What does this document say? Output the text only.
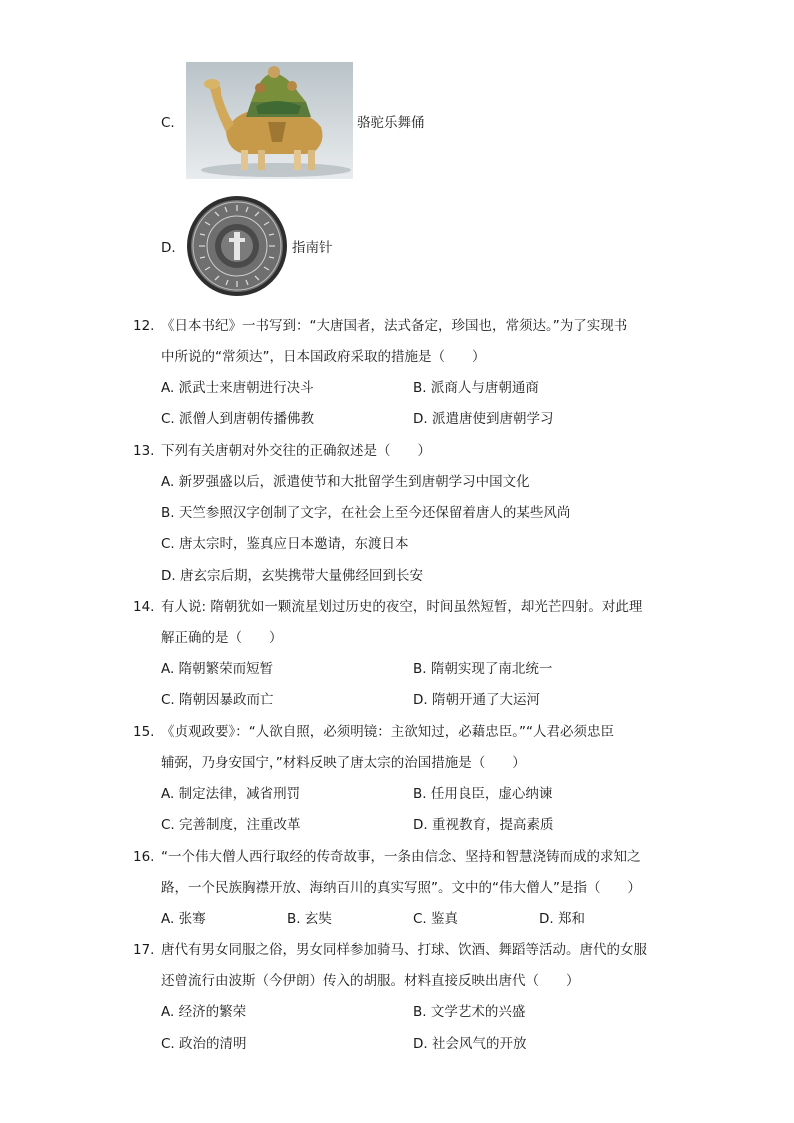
C.	骆驼乐舞俑
D.	指南针
12. 《日本书纪》一书写到：“大唐国者，法式备定，珍国也，常须达。”为了实现书
中所说的“常须达”，日本国政府采取的措施是（　　）
A. 派武士来唐朝进行决斗	B. 派商人与唐朝通商
C. 派僧人到唐朝传播佛教	D. 派遣唐使到唐朝学习
13. 下列有关唐朝对外交往的正确叙述是（　　）
A. 新罗强盛以后，派遣使节和大批留学生到唐朝学习中国文化
B. 天竺参照汉字创制了文字，在社会上至今还保留着唐人的某些风尚
C. 唐太宗时，鉴真应日本邀请，东渡日本
D. 唐玄宗后期，玄奘携带大量佛经回到长安
14. 有人说: 隋朝犹如一颗流星划过历史的夜空，时间虽然短暂，却光芒四射。对此理
解正确的是（　　）
A. 隋朝繁荣而短暂	B. 隋朝实现了南北统一
C. 隋朝因暴政而亡	D. 隋朝开通了大运河
15. 《贞观政要》：“人欲自照，必须明镜：主欲知过，必藉忠臣。”“人君必须忠臣
辅弼，乃身安国宁，”材料反映了唐太宗的治国措施是（　　）
A. 制定法律，减省刑罚	B. 任用良臣，虚心纳谏
C. 完善制度，注重改革	D. 重视教育，提高素质
16. “一个伟大僧人西行取经的传奇故事，一条由信念、坚持和智慧浇铸而成的求知之
路，一个民族胸襟开放、海纳百川的真实写照”。文中的“伟大僧人”是指（　　）
A. 张骞	B. 玄奘	C. 鉴真	D. 郑和
17. 唐代有男女同服之俗，男女同样参加骑马、打球、饮酒、舞蹈等活动。唐代的女服
还曾流行由波斯（今伊朗）传入的胡服。材料直接反映出唐代（　　）
A. 经济的繁荣	B. 文学艺术的兴盛
C. 政治的清明	D. 社会风气的开放
